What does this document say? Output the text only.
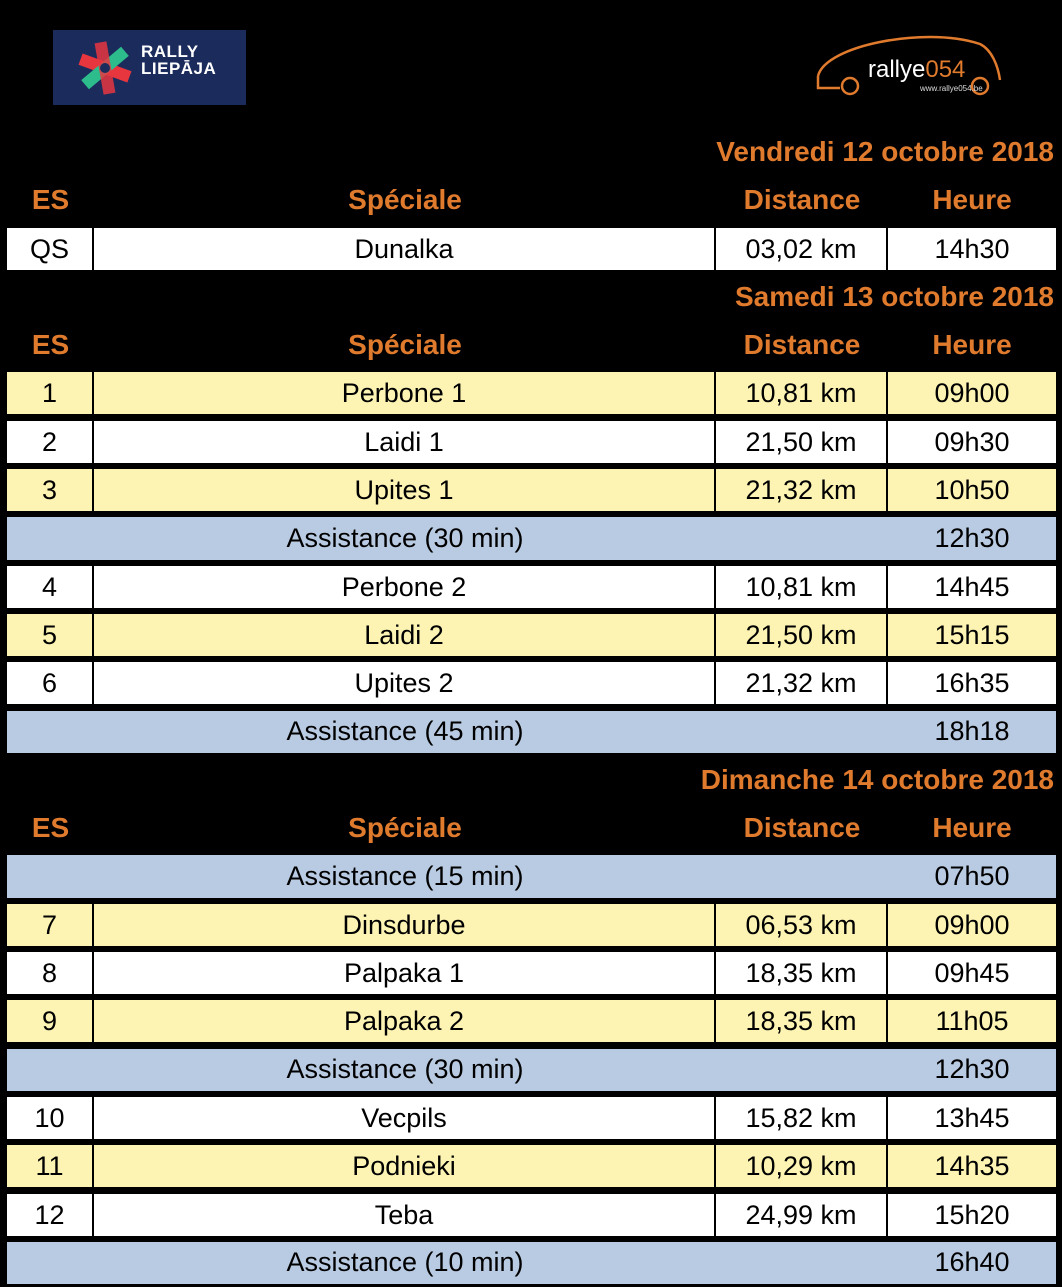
RALLY
LIEPĀJA	rallye054
www.rallye054.be
Vendredi 12 octobre 2018
ES	Spéciale	Distance	Heure
QS	Dunalka	03,02 km	14h30
Samedi 13 octobre 2018
ES	Spéciale	Distance	Heure
1	Perbone 1	10,81 km	09h00
2	Laidi 1	21,50 km	09h30
3	Upites 1	21,32 km	10h50
Assistance (30 min)	12h30
4	Perbone 2	10,81 km	14h45
5	Laidi 2	21,50 km	15h15
6	Upites 2	21,32 km	16h35
Assistance (45 min)	18h18
Dimanche 14 octobre 2018
ES	Spéciale	Distance	Heure
Assistance (15 min)	07h50
7	Dinsdurbe	06,53 km	09h00
8	Palpaka 1	18,35 km	09h45
9	Palpaka 2	18,35 km	11h05
Assistance (30 min)	12h30
10	Vecpils	15,82 km	13h45
11	Podnieki	10,29 km	14h35
12	Teba	24,99 km	15h20
Assistance (10 min)	16h40
